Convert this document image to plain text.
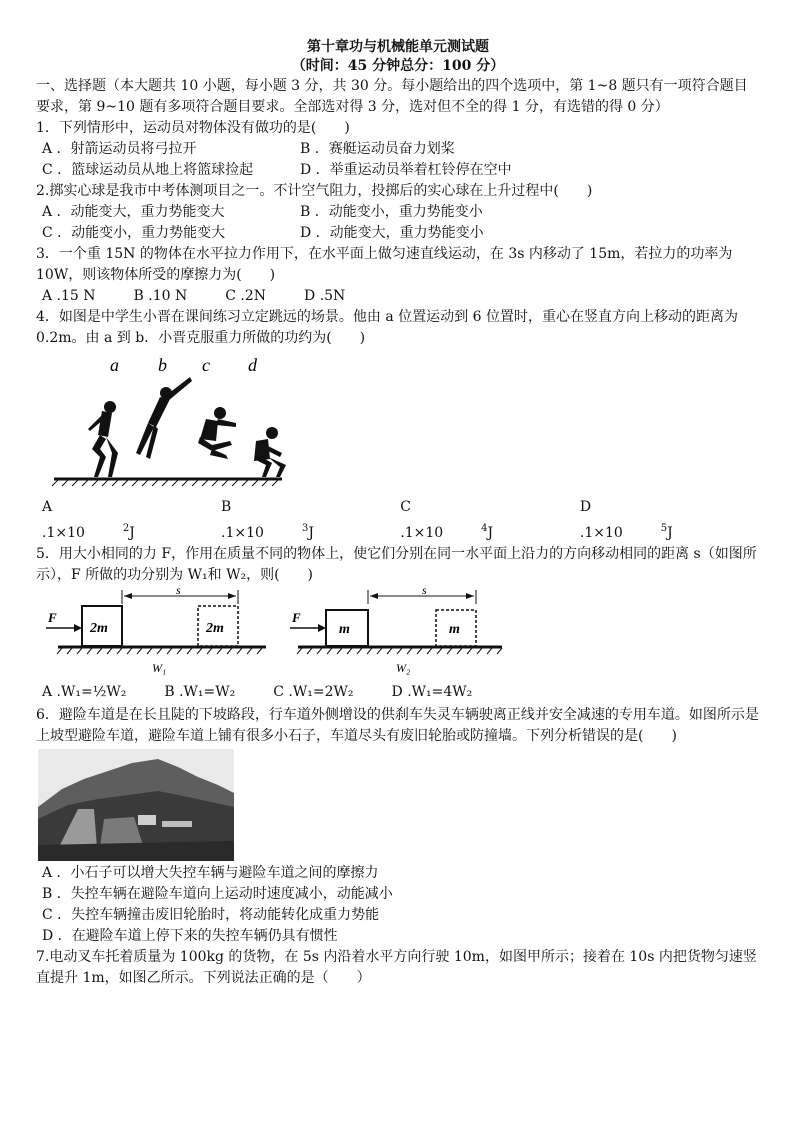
第十章功与机械能单元测试题
（时间：45 分钟总分：100 分）

一、选择题（本大题共 10 小题，每小题 3 分，共 30 分。每小题给出的四个选项中，第 1~8 题只有一项符合题目要求，第 9~10 题有多项符合题目要求。全部选对得 3 分，选对但不全的得 1 分，有选错的得 0 分）

1．下列情形中，运动员对物体没有做功的是(　　)

A ．射箭运动员将弓拉开	B ．赛艇运动员奋力划桨
C ．篮球运动员从地上将篮球捡起	D ．举重运动员举着杠铃停在空中

2.掷实心球是我市中考体测项目之一。不计空气阻力，投掷后的实心球在上升过程中(　　)

A ．动能变大，重力势能变大	B ．动能变小，重力势能变小
C ．动能变小，重力势能变大	D ．动能变大，重力势能变小

3．一个重 15N 的物体在水平拉力作用下，在水平面上做匀速直线运动，在 3s 内移动了 15m，若拉力的功率为 10W，则该物体所受的摩擦力为(　　)

A .15 N	B .10 N	C .2N	D .5N

4．如图是中学生小晋在课间练习立定跳远的场景。他由 a 位置运动到 6 位置时，重心在竖直方向上移动的距离为 0.2m。由 a 到 b．小晋克服重力所做的功约为(　　)

a b c d
A .1×10	$^2$J
B .1×10	$^3$J
C .1×10	$^4$J
D .1×10	$^5$J

5．用大小相同的力 F，作用在质量不同的物体上，使它们分别在同一水平面上沿力的方向移动相同的距离 s（如图所示），F 所做的功分别为 W₁和 W₂，则(　　)

s
F
2m	2m
W₁
s
F
m	m
W₂
A .W₁=½W₂	B .W₁=W₂	C .W₁=2W₂	D .W₁=4W₂

6．避险车道是在长且陡的下坡路段，行车道外侧增设的供刹车失灵车辆驶离正线并安全减速的专用车道。如图所示是上坡型避险车道，避险车道上铺有很多小石子，车道尽头有废旧轮胎或防撞墙。下列分析错误的是(　　)

A ．小石子可以增大失控车辆与避险车道之间的摩擦力
B ．失控车辆在避险车道向上运动时速度减小，动能减小
C ．失控车辆撞击废旧轮胎时，将动能转化成重力势能
D ．在避险车道上停下来的失控车辆仍具有惯性

7.电动叉车托着质量为 100kg 的货物，在 5s 内沿着水平方向行驶 10m，如图甲所示；接着在 10s 内把货物匀速竖直提升 1m，如图乙所示。下列说法正确的是（　　）
